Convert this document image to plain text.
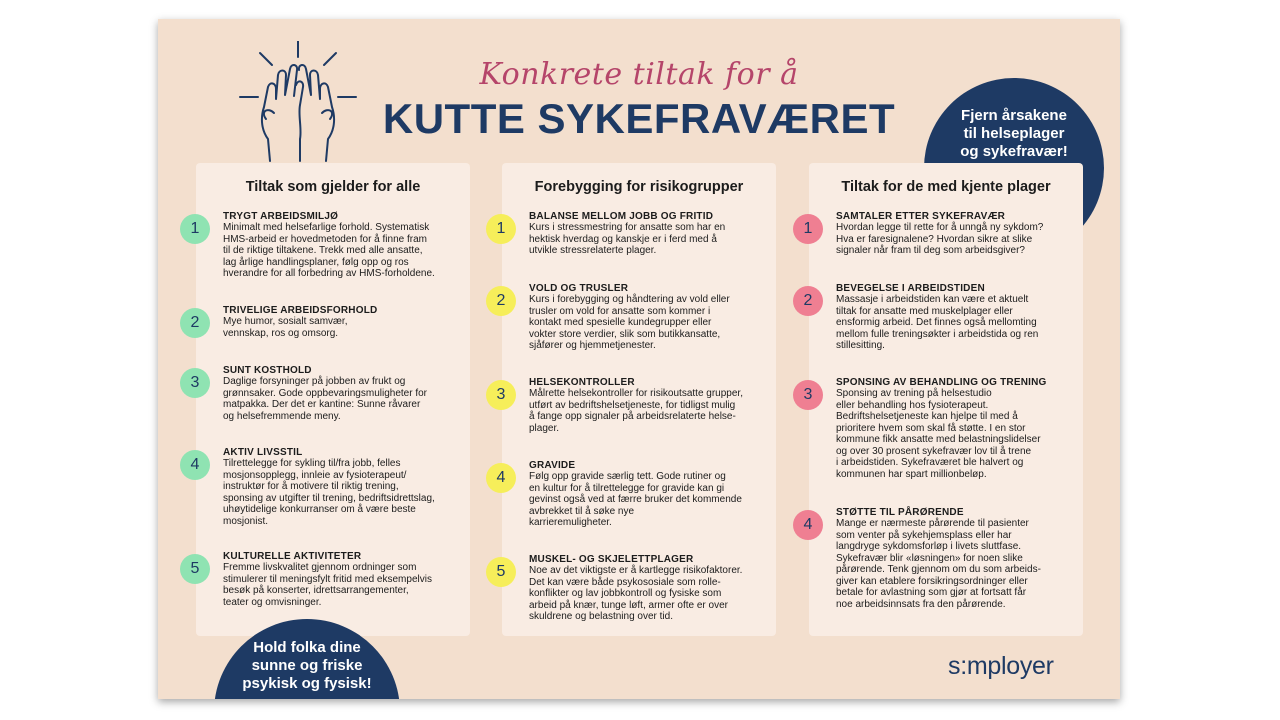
Konkrete tiltak for å
KUTTE SYKEFRAVÆRET	Fjern årsakene
til helseplager
og sykefravær!
Tiltak som gjelder for alle
1
TRYGT ARBEIDSMILJØ
Minimalt med helsefarlige forhold. Systematisk
HMS-arbeid er hovedmetoden for å finne fram
til de riktige tiltakene. Trekk med alle ansatte,
lag årlige handlingsplaner, følg opp og ros
hverandre for all forbedring av HMS-forholdene.
2
TRIVELIGE ARBEIDSFORHOLD
Mye humor, sosialt samvær,
vennskap, ros og omsorg.
3
SUNT KOSTHOLD
Daglige forsyninger på jobben av frukt og
grønnsaker. Gode oppbevaringsmuligheter for
matpakka. Der det er kantine: Sunne råvarer
og helsefremmende meny.
4
AKTIV LIVSSTIL
Tilrettelegge for sykling til/fra jobb, felles
mosjonsopplegg, innleie av fysioterapeut/
instruktør for å motivere til riktig trening,
sponsing av utgifter til trening, bedriftsidrettslag,
uhøytidelige konkurranser om å være beste
mosjonist.
5
KULTURELLE AKTIVITETER
Fremme livskvalitet gjennom ordninger som
stimulerer til meningsfylt fritid med eksempelvis
besøk på konserter, idrettsarrangementer,
teater og omvisninger.
Forebygging for risikogrupper
1
BALANSE MELLOM JOBB OG FRITID
Kurs i stressmestring for ansatte som har en
hektisk hverdag og kanskje er i ferd med å
utvikle stressrelaterte plager.
2
VOLD OG TRUSLER
Kurs i forebygging og håndtering av vold eller
trusler om vold for ansatte som kommer i
kontakt med spesielle kundegrupper eller
vokter store verdier, slik som butikkansatte,
sjåfører og hjemmetjenester.
3
HELSEKONTROLLER
Målrette helsekontroller for risikoutsatte grupper,
utført av bedriftshelsetjeneste, for tidligst mulig
å fange opp signaler på arbeidsrelaterte helse-
plager.
4
GRAVIDE
Følg opp gravide særlig tett. Gode rutiner og
en kultur for å tilrettelegge for gravide kan gi
gevinst også ved at færre bruker det kommende
avbrekket til å søke nye
karrieremuligheter.
5
MUSKEL- OG SKJELETTPLAGER
Noe av det viktigste er å kartlegge risikofaktorer.
Det kan være både psykososiale som rolle-
konflikter og lav jobbkontroll og fysiske som
arbeid på knær, tunge løft, armer ofte er over
skuldrene og belastning over tid.
Tiltak for de med kjente plager
1
SAMTALER ETTER SYKEFRAVÆR
Hvordan legge til rette for å unngå ny sykdom?
Hva er faresignalene? Hvordan sikre at slike
signaler når fram til deg som arbeidsgiver?
2
BEVEGELSE I ARBEIDSTIDEN
Massasje i arbeidstiden kan være et aktuelt
tiltak for ansatte med muskelplager eller
ensformig arbeid. Det finnes også mellomting
mellom fulle treningsøkter i arbeidstida og ren
stillesitting.
3
SPONSING AV BEHANDLING OG TRENING
Sponsing av trening på helsestudio
eller behandling hos fysioterapeut.
Bedriftshelsetjeneste kan hjelpe til med å
prioritere hvem som skal få støtte. I en stor
kommune fikk ansatte med belastningslidelser
og over 30 prosent sykefravær lov til å trene
i arbeidstiden. Sykefraværet ble halvert og
kommunen har spart millionbeløp.
4
STØTTE TIL PÅRØRENDE
Mange er nærmeste pårørende til pasienter
som venter på sykehjemsplass eller har
langdryge sykdomsforløp i livets sluttfase.
Sykefravær blir «løsningen» for noen slike
pårørende. Tenk gjennom om du som arbeids-
giver kan etablere forsikringsordninger eller
betale for avlastning som gjør at fortsatt får
noe arbeidsinnsats fra den pårørende.
Hold folka dine
sunne og friske
psykisk og fysisk!
s:mployer
